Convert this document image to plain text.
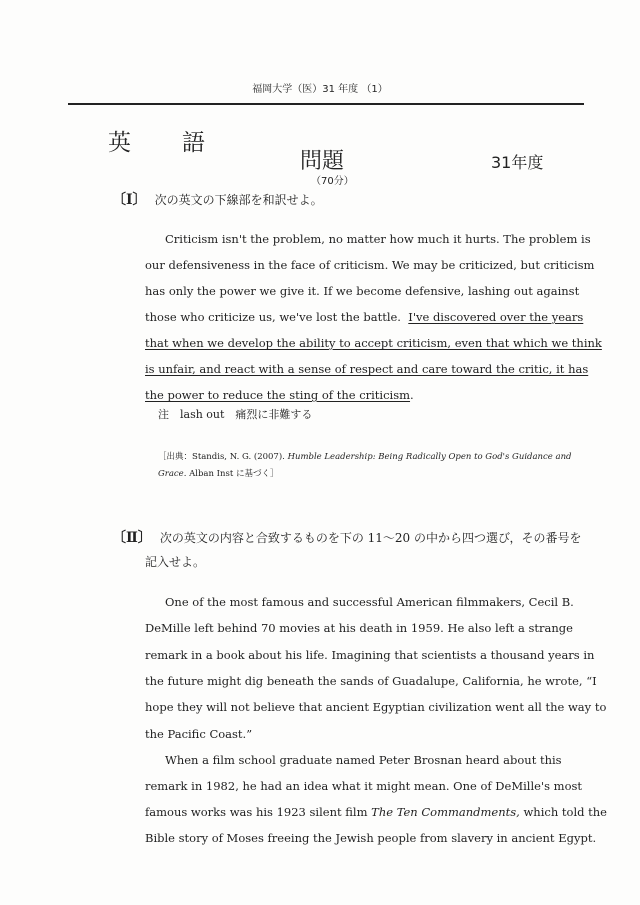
福岡大学（医）31 年度 （1）
英　語
問題	31年度
（70分）
〔Ⅰ〕 次の英文の下線部を和訳せよ。
Criticism isn't the problem, no matter how much it hurts. The problem is
our defensiveness in the face of criticism. We may be criticized, but criticism
has only the power we give it. If we become defensive, lashing out against
those who criticize us, we've lost the battle. I've discovered over the years
that when we develop the ability to accept criticism, even that which we think
is unfair, and react with a sense of respect and care toward the critic, it has
the power to reduce the sting of the criticism.
注　lash out　痛烈に非難する
［出典：Standis, N. G. (2007). Humble Leadership: Being Radically Open to God's Guidance and
Grace. Alban Inst に基づく］
〔Ⅱ〕 次の英文の内容と合致するものを下の 11～20 の中から四つ選び，その番号を
記入せよ。
One of the most famous and successful American filmmakers, Cecil B.
DeMille left behind 70 movies at his death in 1959. He also left a strange
remark in a book about his life. Imagining that scientists a thousand years in
the future might dig beneath the sands of Guadalupe, California, he wrote, “I
hope they will not believe that ancient Egyptian civilization went all the way to
the Pacific Coast.”
When a film school graduate named Peter Brosnan heard about this
remark in 1982, he had an idea what it might mean. One of DeMille's most
famous works was his 1923 silent film The Ten Commandments, which told the
Bible story of Moses freeing the Jewish people from slavery in ancient Egypt.
